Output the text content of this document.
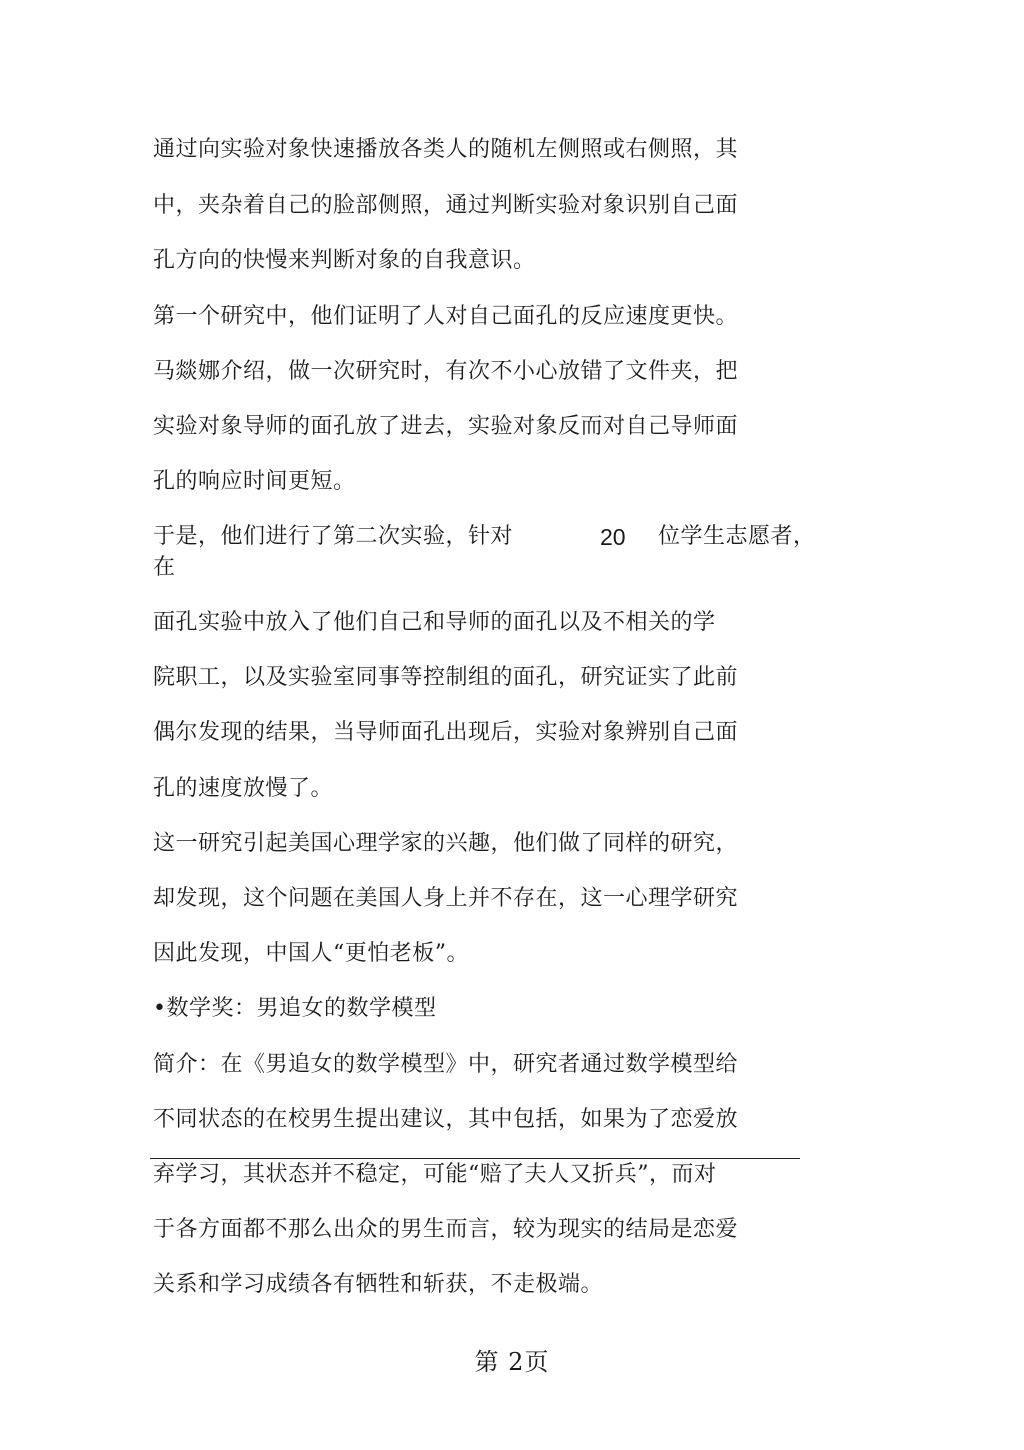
通过向实验对象快速播放各类人的随机左侧照或右侧照，其
中，夹杂着自己的脸部侧照，通过判断实验对象识别自己面
孔方向的快慢来判断对象的自我意识。
第一个研究中，他们证明了人对自己面孔的反应速度更快。
马燚娜介绍，做一次研究时，有次不小心放错了文件夹，把
实验对象导师的面孔放了进去，实验对象反而对自己导师面
孔的响应时间更短。
于是，他们进行了第二次实验，针对	20 位学生志愿者，
在
面孔实验中放入了他们自己和导师的面孔以及不相关的学
院职工，以及实验室同事等控制组的面孔，研究证实了此前
偶尔发现的结果，当导师面孔出现后，实验对象辨别自己面
孔的速度放慢了。
这一研究引起美国心理学家的兴趣，他们做了同样的研究，
却发现，这个问题在美国人身上并不存在，这一心理学研究
因此发现，中国人“更怕老板”。
•数学奖：男追女的数学模型
简介：在《男追女的数学模型》中，研究者通过数学模型给
不同状态的在校男生提出建议，其中包括，如果为了恋爱放
弃学习，其状态并不稳定，可能“赔了夫人又折兵”，而对
于各方面都不那么出众的男生而言，较为现实的结局是恋爱
关系和学习成绩各有牺牲和斩获，不走极端。
第 2页
